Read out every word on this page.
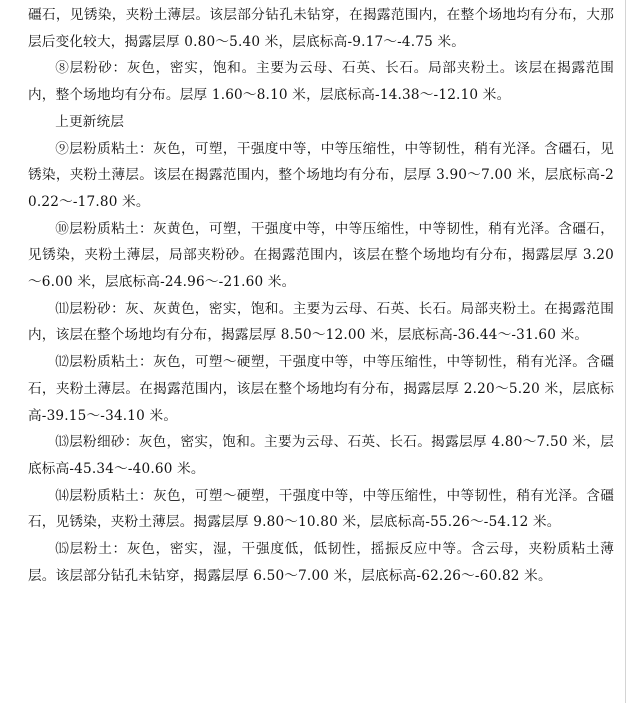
礓石，见锈染，夹粉土薄层。该层部分钻孔未钻穿，在揭露范围内，在整个场地均有分布，大那层后变化较大，揭露层厚 0.80～5.40 米，层底标高-9.17～-4.75 米。

⑧层粉砂：灰色，密实，饱和。主要为云母、石英、长石。局部夹粉土。该层在揭露范围内，整个场地均有分布。层厚 1.60～8.10 米，层底标高-14.38～-12.10 米。

上更新统层

⑨层粉质粘土：灰色，可塑，干强度中等，中等压缩性，中等韧性，稍有光泽。含礓石，见锈染，夹粉土薄层。该层在揭露范围内，整个场地均有分布，层厚 3.90～7.00 米，层底标高-20.22～-17.80 米。

⑩层粉质粘土：灰黄色，可塑，干强度中等，中等压缩性，中等韧性，稍有光泽。含礓石，见锈染，夹粉土薄层，局部夹粉砂。在揭露范围内，该层在整个场地均有分布，揭露层厚 3.20～6.00 米，层底标高-24.96～-21.60 米。

⑾层粉砂：灰、灰黄色，密实，饱和。主要为云母、石英、长石。局部夹粉土。在揭露范围内，该层在整个场地均有分布，揭露层厚 8.50～12.00 米，层底标高-36.44～-31.60 米。

⑿层粉质粘土：灰色，可塑～硬塑，干强度中等，中等压缩性，中等韧性，稍有光泽。含礓石，夹粉土薄层。在揭露范围内，该层在整个场地均有分布，揭露层厚 2.20～5.20 米，层底标高-39.15～-34.10 米。

⒀层粉细砂：灰色，密实，饱和。主要为云母、石英、长石。揭露层厚 4.80～7.50 米，层底标高-45.34～-40.60 米。

⒁层粉质粘土：灰色，可塑～硬塑，干强度中等，中等压缩性，中等韧性，稍有光泽。含礓石，见锈染，夹粉土薄层。揭露层厚 9.80～10.80 米，层底标高-55.26～-54.12 米。

⒂层粉土：灰色，密实，湿，干强度低，低韧性，摇振反应中等。含云母，夹粉质粘土薄层。该层部分钻孔未钻穿，揭露层厚 6.50～7.00 米，层底标高-62.26～-60.82 米。
